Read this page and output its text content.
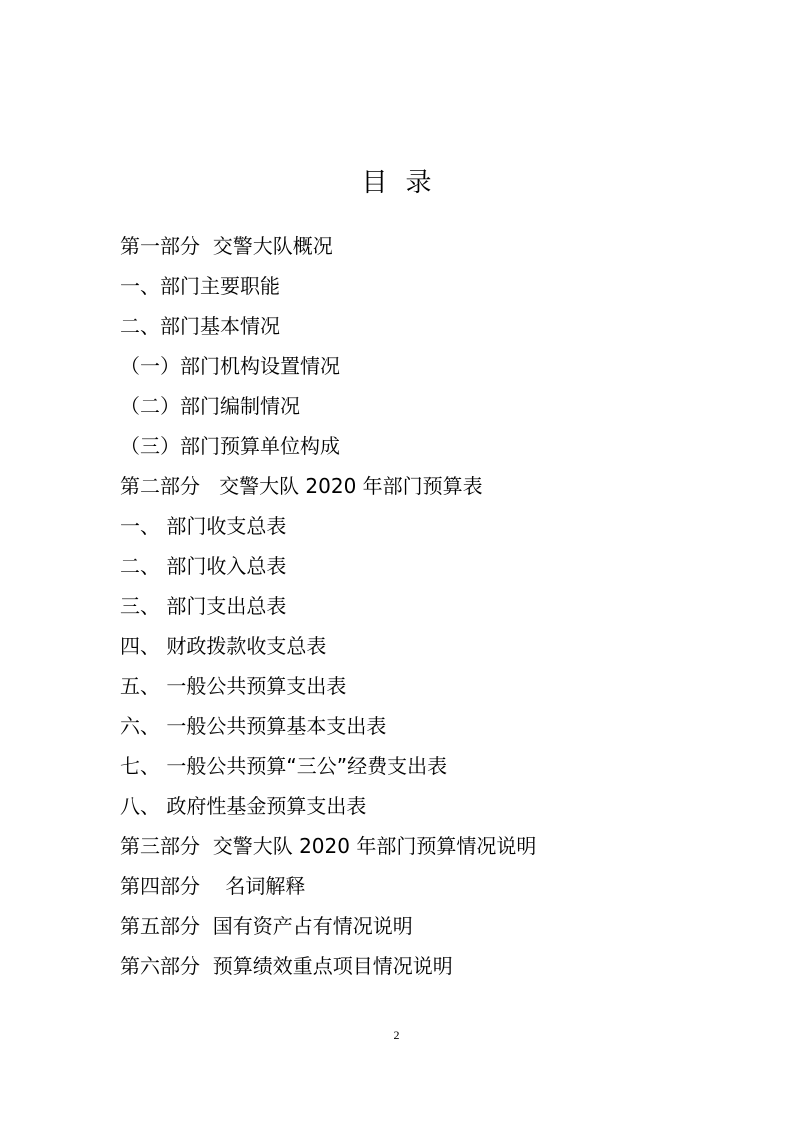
目录
第一部分  交警大队概况
一、部门主要职能
二、部门基本情况
（一）部门机构设置情况
（二）部门编制情况
（三）部门预算单位构成
第二部分   交警大队 2020 年部门预算表
一、 部门收支总表
二、 部门收入总表
三、 部门支出总表
四、 财政拨款收支总表
五、 一般公共预算支出表
六、 一般公共预算基本支出表
七、 一般公共预算“三公”经费支出表
八、 政府性基金预算支出表
第三部分  交警大队 2020 年部门预算情况说明
第四部分    名词解释
第五部分  国有资产占有情况说明
第六部分  预算绩效重点项目情况说明
2
